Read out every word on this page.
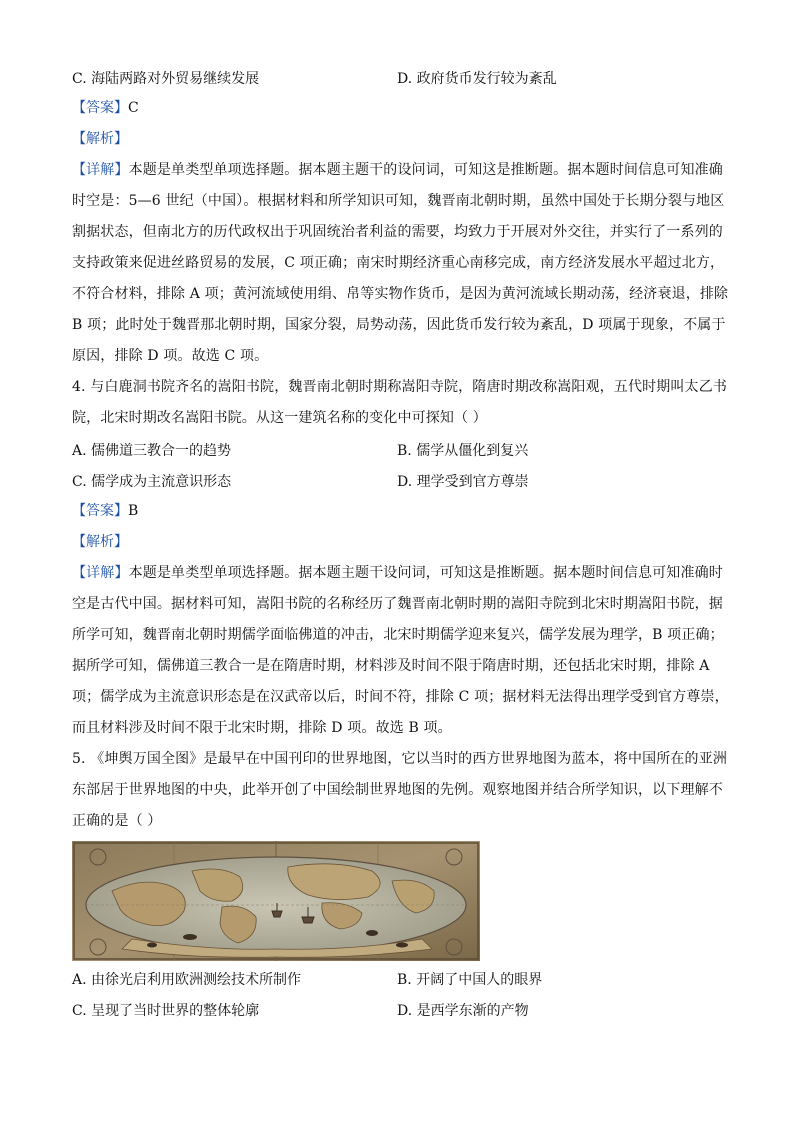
C. 海陆两路对外贸易继续发展	D. 政府货币发行较为紊乱
【答案】C
【解析】
【详解】本题是单类型单项选择题。据本题主题干的设问词，可知这是推断题。据本题时间信息可知准确
时空是：5—6 世纪（中国）。根据材料和所学知识可知，魏晋南北朝时期，虽然中国处于长期分裂与地区
割据状态，但南北方的历代政权出于巩固统治者利益的需要，均致力于开展对外交往，并实行了一系列的
支持政策来促进丝路贸易的发展，C 项正确；南宋时期经济重心南移完成，南方经济发展水平超过北方，
不符合材料，排除 A 项；黄河流域使用绢、帛等实物作货币，是因为黄河流域长期动荡，经济衰退，排除
B 项；此时处于魏晋那北朝时期，国家分裂，局势动荡，因此货币发行较为紊乱，D 项属于现象，不属于
原因，排除 D 项。故选 C 项。
4. 与白鹿洞书院齐名的嵩阳书院，魏晋南北朝时期称嵩阳寺院，隋唐时期改称嵩阳观，五代时期叫太乙书
院，北宋时期改名嵩阳书院。从这一建筑名称的变化中可探知（ ）
A. 儒佛道三教合一的趋势	B. 儒学从僵化到复兴
C. 儒学成为主流意识形态	D. 理学受到官方尊崇
【答案】B
【解析】
【详解】本题是单类型单项选择题。据本题主题干设问词，可知这是推断题。据本题时间信息可知准确时
空是古代中国。据材料可知，嵩阳书院的名称经历了魏晋南北朝时期的嵩阳寺院到北宋时期嵩阳书院，据
所学可知，魏晋南北朝时期儒学面临佛道的冲击，北宋时期儒学迎来复兴，儒学发展为理学，B 项正确；
据所学可知，儒佛道三教合一是在隋唐时期，材料涉及时间不限于隋唐时期，还包括北宋时期，排除 A
项；儒学成为主流意识形态是在汉武帝以后，时间不符，排除 C 项；据材料无法得出理学受到官方尊崇，
而且材料涉及时间不限于北宋时期，排除 D 项。故选 B 项。
5. 《坤舆万国全图》是最早在中国刊印的世界地图，它以当时的西方世界地图为蓝本，将中国所在的亚洲
东部居于世界地图的中央，此举开创了中国绘制世界地图的先例。观察地图并结合所学知识，以下理解不
正确的是（ ）
A. 由徐光启利用欧洲测绘技术所制作	B. 开阔了中国人的眼界
C. 呈现了当时世界的整体轮廓	D. 是西学东渐的产物
